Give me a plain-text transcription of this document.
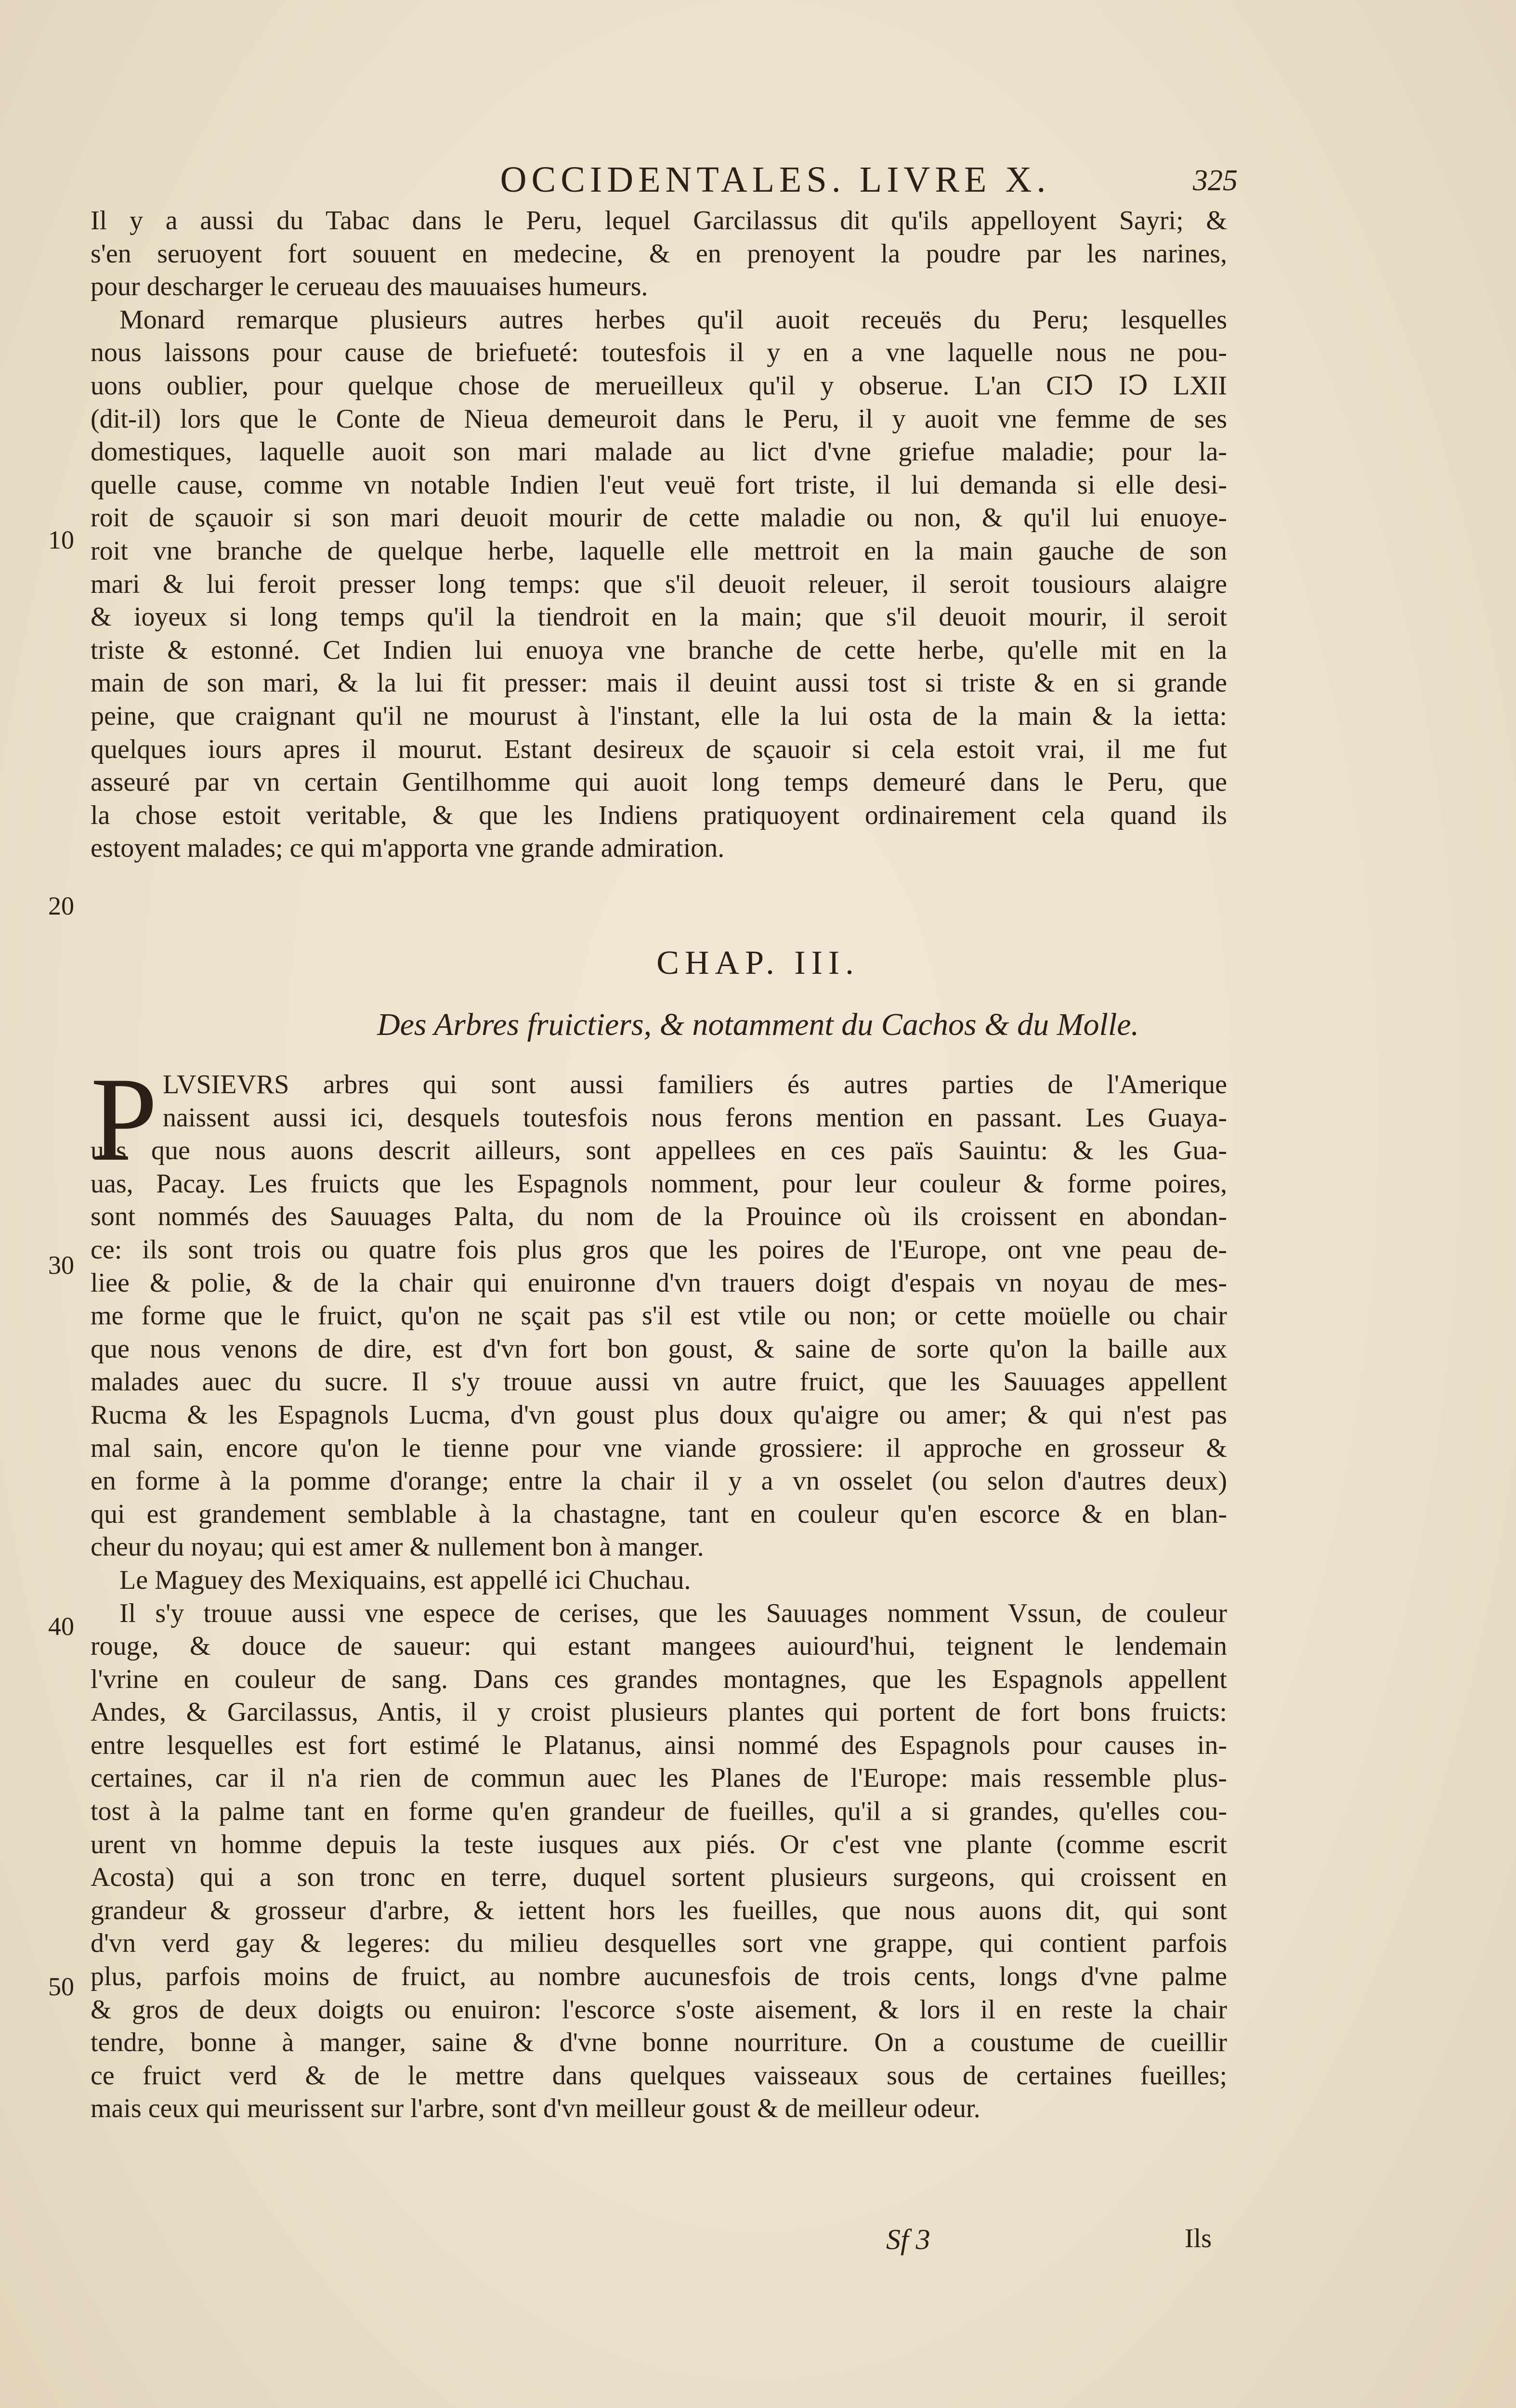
OCCIDENTALES. LIVRE X.	325
Il y a aussi du Tabac dans le Peru, lequel Garcilassus dit qu'ils appelloyent Sayri; &
s'en seruoyent fort souuent en medecine, & en prenoyent la poudre par les narines,
pour descharger le cerueau des mauuaises humeurs.
Monard remarque plusieurs autres herbes qu'il auoit receuës du Peru; lesquelles
nous laissons pour cause de briefueté: toutesfois il y en a vne laquelle nous ne pou-
uons oublier, pour quelque chose de merueilleux qu'il y obserue. L'an CIↃ IↃ LXII
(dit-il) lors que le Conte de Nieua demeuroit dans le Peru, il y auoit vne femme de ses
domestiques, laquelle auoit son mari malade au lict d'vne griefue maladie; pour la-
quelle cause, comme vn notable Indien l'eut veuë fort triste, il lui demanda si elle desi-
roit de sçauoir si son mari deuoit mourir de cette maladie ou non, & qu'il lui enuoye-
roit vne branche de quelque herbe, laquelle elle mettroit en la main gauche de son
mari & lui feroit presser long temps: que s'il deuoit releuer, il seroit tousiours alaigre
& ioyeux si long temps qu'il la tiendroit en la main; que s'il deuoit mourir, il seroit
triste & estonné. Cet Indien lui enuoya vne branche de cette herbe, qu'elle mit en la
main de son mari, & la lui fit presser: mais il deuint aussi tost si triste & en si grande
peine, que craignant qu'il ne mourust à l'instant, elle la lui osta de la main & la ietta:
quelques iours apres il mourut. Estant desireux de sçauoir si cela estoit vrai, il me fut
asseuré par vn certain Gentilhomme qui auoit long temps demeuré dans le Peru, que
la chose estoit veritable, & que les Indiens pratiquoyent ordinairement cela quand ils
estoyent malades; ce qui m'apporta vne grande admiration.
CHAP. III.
Des Arbres fruictiers, & notamment du Cachos & du Molle.
P LVSIEVRS arbres qui sont aussi familiers és autres parties de l'Amerique
naissent aussi ici, desquels toutesfois nous ferons mention en passant. Les Guaya-
uas que nous auons descrit ailleurs, sont appellees en ces païs Sauintu: & les Gua-
uas, Pacay. Les fruicts que les Espagnols nomment, pour leur couleur & forme poires,
sont nommés des Sauuages Palta, du nom de la Prouince où ils croissent en abondan-
ce: ils sont trois ou quatre fois plus gros que les poires de l'Europe, ont vne peau de-
liee & polie, & de la chair qui enuironne d'vn trauers doigt d'espais vn noyau de mes-
me forme que le fruict, qu'on ne sçait pas s'il est vtile ou non; or cette moüelle ou chair
que nous venons de dire, est d'vn fort bon goust, & saine de sorte qu'on la baille aux
malades auec du sucre. Il s'y trouue aussi vn autre fruict, que les Sauuages appellent
Rucma & les Espagnols Lucma, d'vn goust plus doux qu'aigre ou amer; & qui n'est pas
mal sain, encore qu'on le tienne pour vne viande grossiere: il approche en grosseur &
en forme à la pomme d'orange; entre la chair il y a vn osselet (ou selon d'autres deux)
qui est grandement semblable à la chastagne, tant en couleur qu'en escorce & en blan-
cheur du noyau; qui est amer & nullement bon à manger.
Le Maguey des Mexiquains, est appellé ici Chuchau.
Il s'y trouue aussi vne espece de cerises, que les Sauuages nomment Vssun, de couleur
rouge, & douce de saueur: qui estant mangees auiourd'hui, teignent le lendemain
l'vrine en couleur de sang. Dans ces grandes montagnes, que les Espagnols appellent
Andes, & Garcilassus, Antis, il y croist plusieurs plantes qui portent de fort bons fruicts:
entre lesquelles est fort estimé le Platanus, ainsi nommé des Espagnols pour causes in-
certaines, car il n'a rien de commun auec les Planes de l'Europe: mais ressemble plus-
tost à la palme tant en forme qu'en grandeur de fueilles, qu'il a si grandes, qu'elles cou-
urent vn homme depuis la teste iusques aux piés. Or c'est vne plante (comme escrit
Acosta) qui a son tronc en terre, duquel sortent plusieurs surgeons, qui croissent en
grandeur & grosseur d'arbre, & iettent hors les fueilles, que nous auons dit, qui sont
d'vn verd gay & legeres: du milieu desquelles sort vne grappe, qui contient parfois
plus, parfois moins de fruict, au nombre aucunesfois de trois cents, longs d'vne palme
& gros de deux doigts ou enuiron: l'escorce s'oste aisement, & lors il en reste la chair
tendre, bonne à manger, saine & d'vne bonne nourriture. On a coustume de cueillir
ce fruict verd & de le mettre dans quelques vaisseaux sous de certaines fueilles;
mais ceux qui meurissent sur l'arbre, sont d'vn meilleur goust & de meilleur odeur.
10
20
30
40
50
Sf 3	Ils
